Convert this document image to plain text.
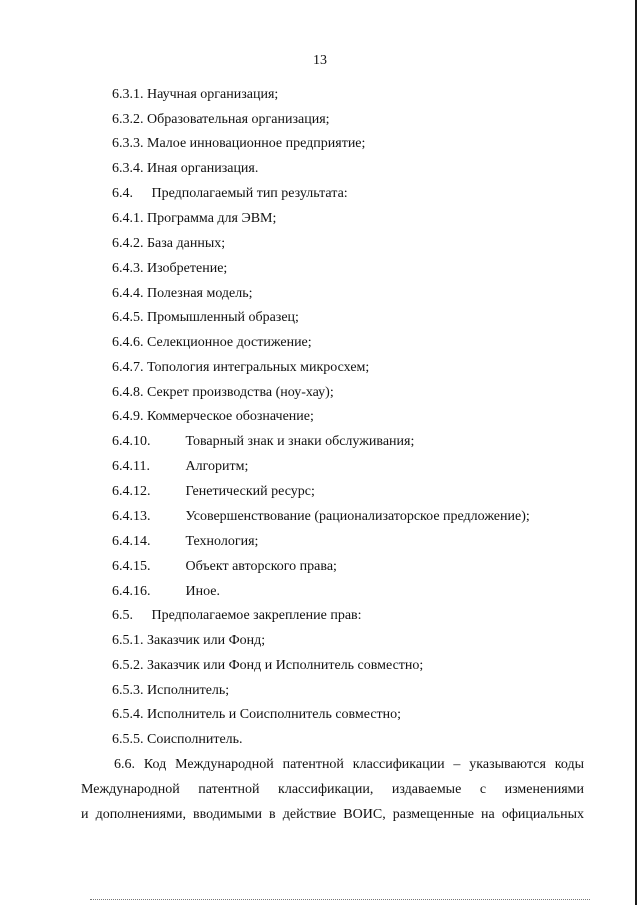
13
6.3.1. Научная организация;
6.3.2. Образовательная организация;
6.3.3. Малое инновационное предприятие;
6.3.4. Иная организация.
6.4. Предполагаемый тип результата:
6.4.1. Программа для ЭВМ;
6.4.2. База данных;
6.4.3. Изобретение;
6.4.4. Полезная модель;
6.4.5. Промышленный образец;
6.4.6. Селекционное достижение;
6.4.7. Топология интегральных микросхем;
6.4.8. Секрет производства (ноу-хау);
6.4.9. Коммерческое обозначение;
6.4.10.	Товарный знак и знаки обслуживания;
6.4.11.	Алгоритм;
6.4.12.	Генетический ресурс;
6.4.13.	Усовершенствование (рационализаторское предложение);
6.4.14.	Технология;
6.4.15.	Объект авторского права;
6.4.16.	Иное.
6.5. Предполагаемое закрепление прав:
6.5.1. Заказчик или Фонд;
6.5.2. Заказчик или Фонд и Исполнитель совместно;
6.5.3. Исполнитель;
6.5.4. Исполнитель и Соисполнитель совместно;
6.5.5. Соисполнитель.
6.6. Код Международной патентной классификации – указываются коды
Международной патентной классификации, издаваемые с изменениями
и дополнениями, вводимыми в действие ВОИС, размещенные на официальных
